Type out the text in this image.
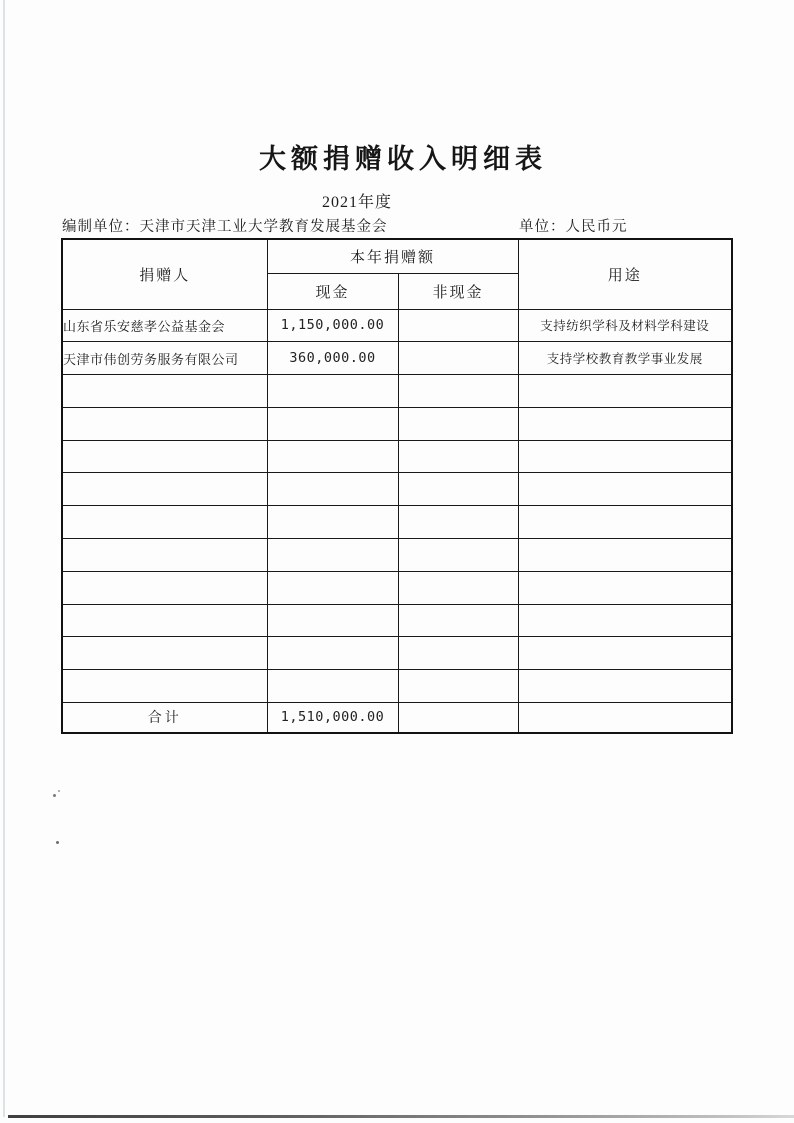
大额捐赠收入明细表
2021年度
编制单位：天津市天津工业大学教育发展基金会	单位：人民币元
捐赠人	本年捐赠额		用途
	现金	非现金	
山东省乐安慈孝公益基金会	1,150,000.00		支持纺织学科及材料学科建设
天津市伟创劳务服务有限公司	360,000.00		支持学校教育教学事业发展

合计	1,510,000.00		
